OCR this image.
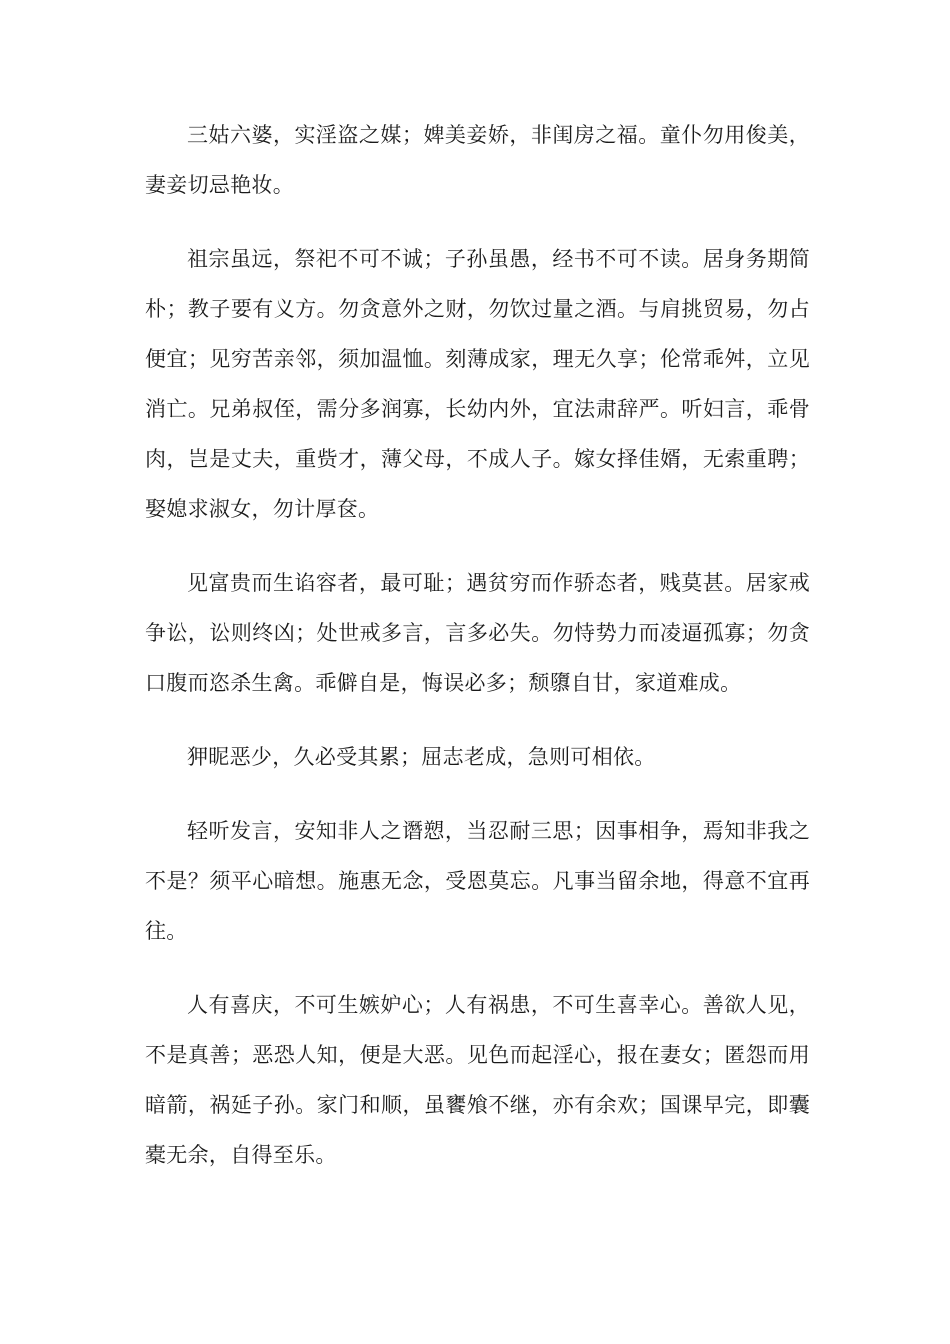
三姑六婆，实淫盗之媒；婢美妾娇，非闺房之福。童仆勿用俊美，妻妾切忌艳妆。

祖宗虽远，祭祀不可不诚；子孙虽愚，经书不可不读。居身务期简朴；教子要有义方。勿贪意外之财，勿饮过量之酒。与肩挑贸易，勿占便宜；见穷苦亲邻，须加温恤。刻薄成家，理无久享；伦常乖舛，立见消亡。兄弟叔侄，需分多润寡，长幼内外，宜法肃辞严。听妇言，乖骨肉，岂是丈夫，重赀才，薄父母，不成人子。嫁女择佳婿，无索重聘；娶媳求淑女，勿计厚奁。

见富贵而生谄容者，最可耻；遇贫穷而作骄态者，贱莫甚。居家戒争讼，讼则终凶；处世戒多言，言多必失。勿恃势力而凌逼孤寡；勿贪口腹而恣杀生禽。乖僻自是，悔误必多；颓隳自甘，家道难成。

狎昵恶少，久必受其累；屈志老成，急则可相依。

轻听发言，安知非人之谮愬，当忍耐三思；因事相争，焉知非我之不是？须平心暗想。施惠无念，受恩莫忘。凡事当留余地，得意不宜再往。

人有喜庆，不可生嫉妒心；人有祸患，不可生喜幸心。善欲人见，不是真善；恶恐人知，便是大恶。见色而起淫心，报在妻女；匿怨而用暗箭，祸延子孙。家门和顺，虽饔飧不继，亦有余欢；国课早完，即囊橐无余，自得至乐。
